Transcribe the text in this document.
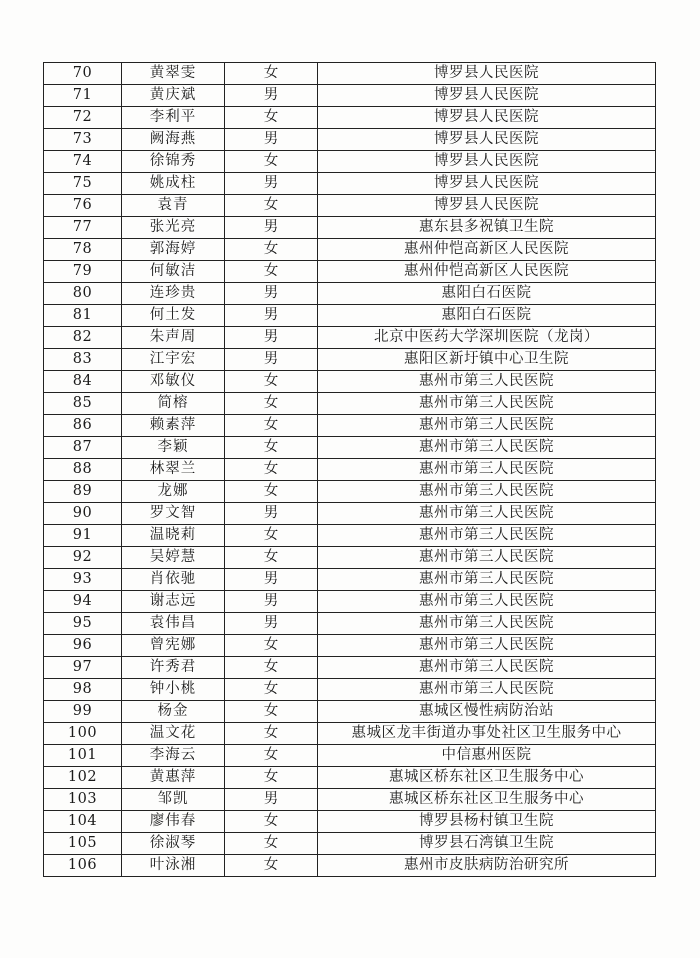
70	黄翠雯	女	博罗县人民医院
71	黄庆斌	男	博罗县人民医院
72	李利平	女	博罗县人民医院
73	阙海燕	男	博罗县人民医院
74	徐锦秀	女	博罗县人民医院
75	姚成柱	男	博罗县人民医院
76	袁青	女	博罗县人民医院
77	张光亮	男	惠东县多祝镇卫生院
78	郭海婷	女	惠州仲恺高新区人民医院
79	何敏洁	女	惠州仲恺高新区人民医院
80	连珍贵	男	惠阳白石医院
81	何土发	男	惠阳白石医院
82	朱声周	男	北京中医药大学深圳医院（龙岗）
83	江宇宏	男	惠阳区新圩镇中心卫生院
84	邓敏仪	女	惠州市第三人民医院
85	简榕	女	惠州市第三人民医院
86	赖素萍	女	惠州市第三人民医院
87	李颖	女	惠州市第三人民医院
88	林翠兰	女	惠州市第三人民医院
89	龙娜	女	惠州市第三人民医院
90	罗文智	男	惠州市第三人民医院
91	温晓莉	女	惠州市第三人民医院
92	吴婷慧	女	惠州市第三人民医院
93	肖依驰	男	惠州市第三人民医院
94	谢志远	男	惠州市第三人民医院
95	袁伟昌	男	惠州市第三人民医院
96	曾宪娜	女	惠州市第三人民医院
97	许秀君	女	惠州市第三人民医院
98	钟小桃	女	惠州市第三人民医院
99	杨金	女	惠城区慢性病防治站
100	温文花	女	惠城区龙丰街道办事处社区卫生服务中心
101	李海云	女	中信惠州医院
102	黄惠萍	女	惠城区桥东社区卫生服务中心
103	邹凯	男	惠城区桥东社区卫生服务中心
104	廖伟春	女	博罗县杨村镇卫生院
105	徐淑琴	女	博罗县石湾镇卫生院
106	叶泳湘	女	惠州市皮肤病防治研究所
